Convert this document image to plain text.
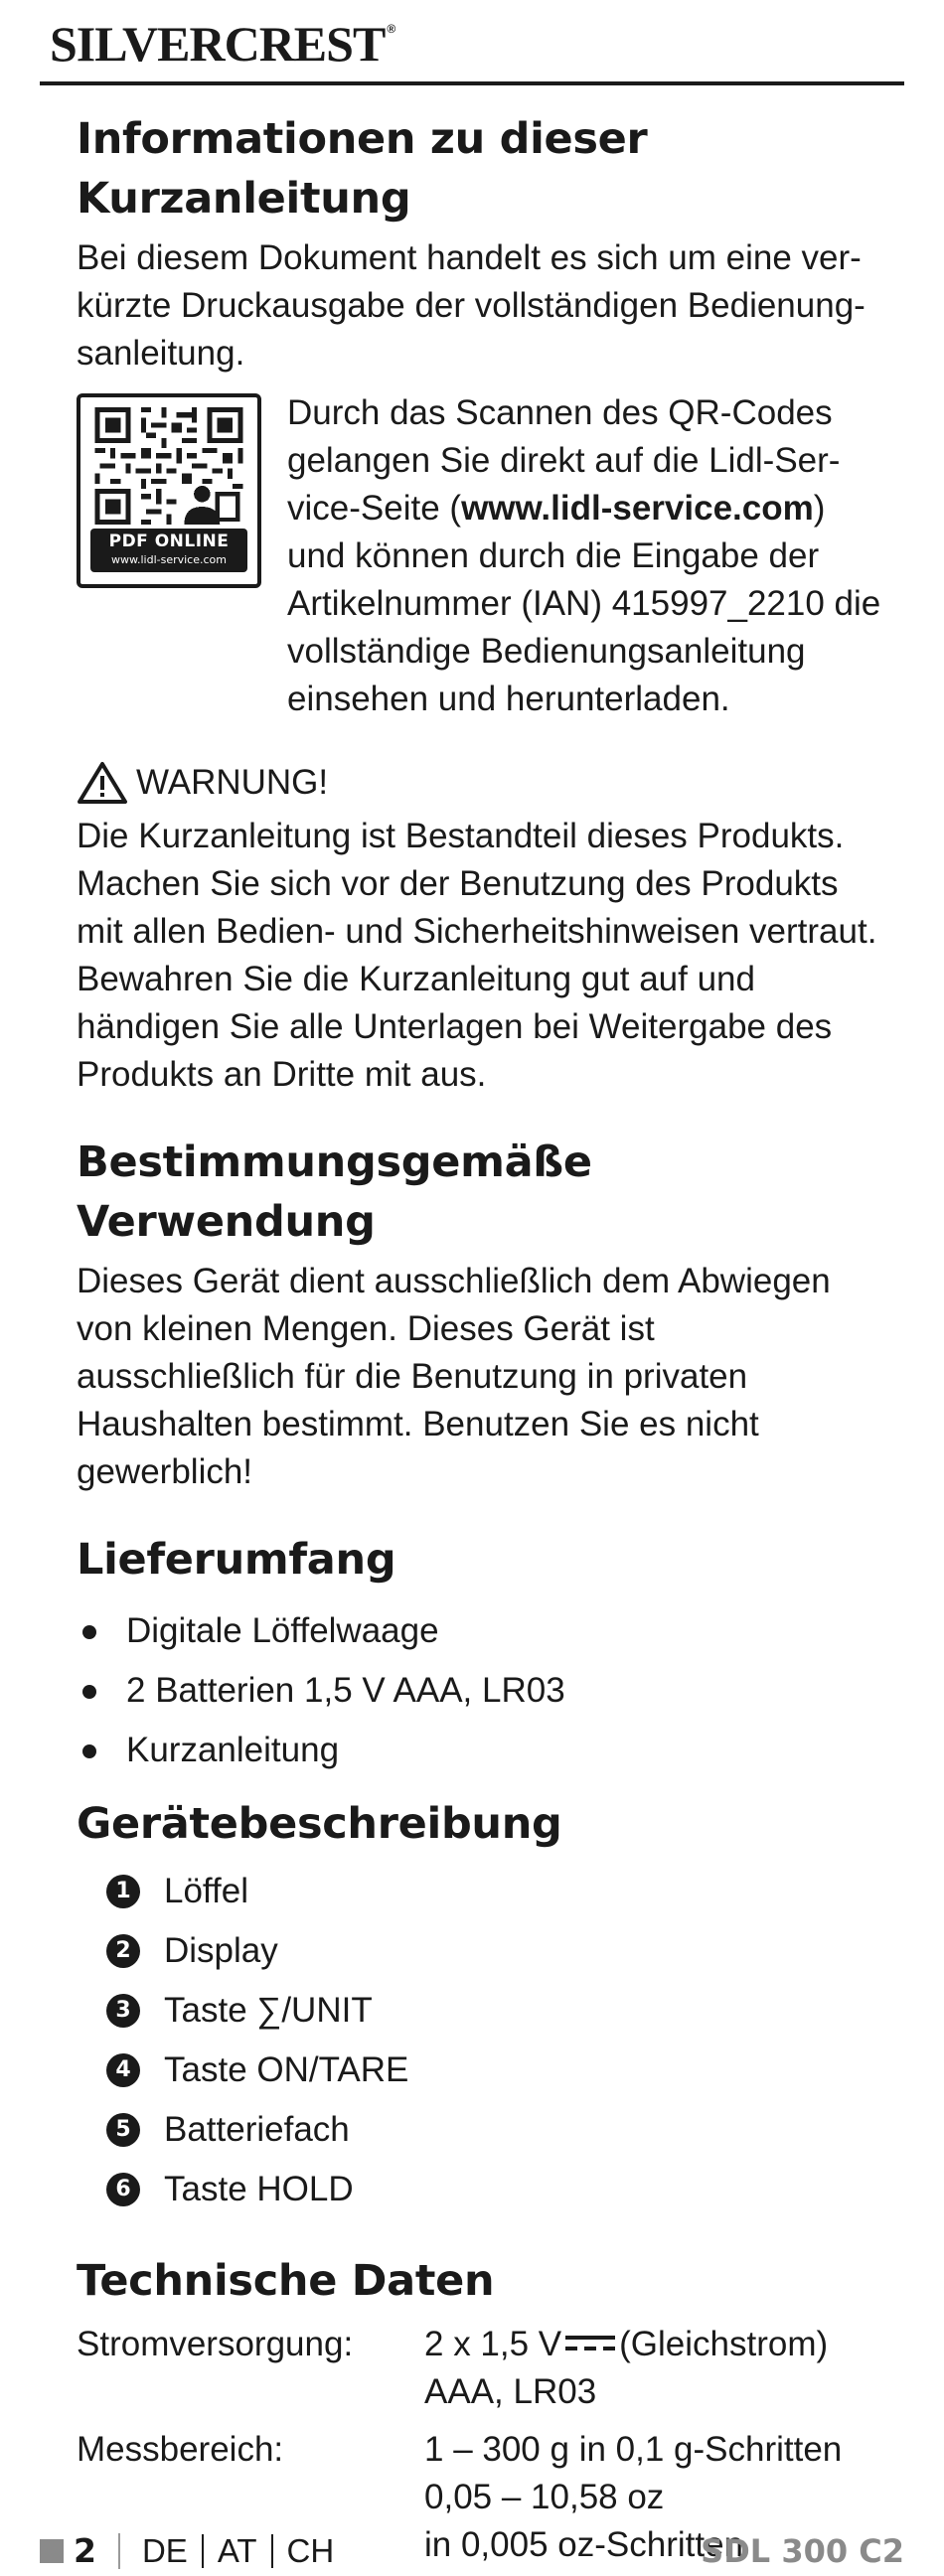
SILVERCREST ®
Informationen zu dieser
Kurzanleitung

Bei diesem Dokument handelt es sich um eine verkürzte Druckausgabe der vollständigen Bedienungsanleitung.

PDF ONLINE
www.lidl-service.com

Durch das Scannen des QR-Codes gelangen Sie direkt auf die Lidl-Service-Seite (www.lidl-service.com) und können durch die Eingabe der Artikelnummer (IAN) 415997_2210 die vollständige Bedienungsanleitung einsehen und herunterladen.

WARNUNG!

Die Kurzanleitung ist Bestandteil dieses Produkts. Machen Sie sich vor der Benutzung des Produkts mit allen Bedien- und Sicherheitshinweisen vertraut. Bewahren Sie die Kurzanleitung gut auf und händigen Sie alle Unterlagen bei Weitergabe des Produkts an Dritte mit aus.

Bestimmungsgemäße Verwendung

Dieses Gerät dient ausschließlich dem Abwiegen von kleinen Mengen. Dieses Gerät ist ausschließlich für die Benutzung in privaten Haushalten bestimmt. Benutzen Sie es nicht gewerblich!

Lieferumfang
Digitale Löffelwaage
2 Batterien 1,5 V AAA, LR03
Kurzanleitung
Gerätebeschreibung
1 Löffel
2 Display
3 Taste ∑/UNIT
4 Taste ON/TARE
5 Batteriefach
6 Taste HOLD
Technische Daten
Stromversorgung:	2 x 1,5 V (Gleichstrom)
AAA, LR03
Messbereich:	1 – 300 g in 0,1 g-Schritten
0,05 – 10,58 oz
in 0,005 oz-Schritten
2 DE AT CH	SDL 300 C2
